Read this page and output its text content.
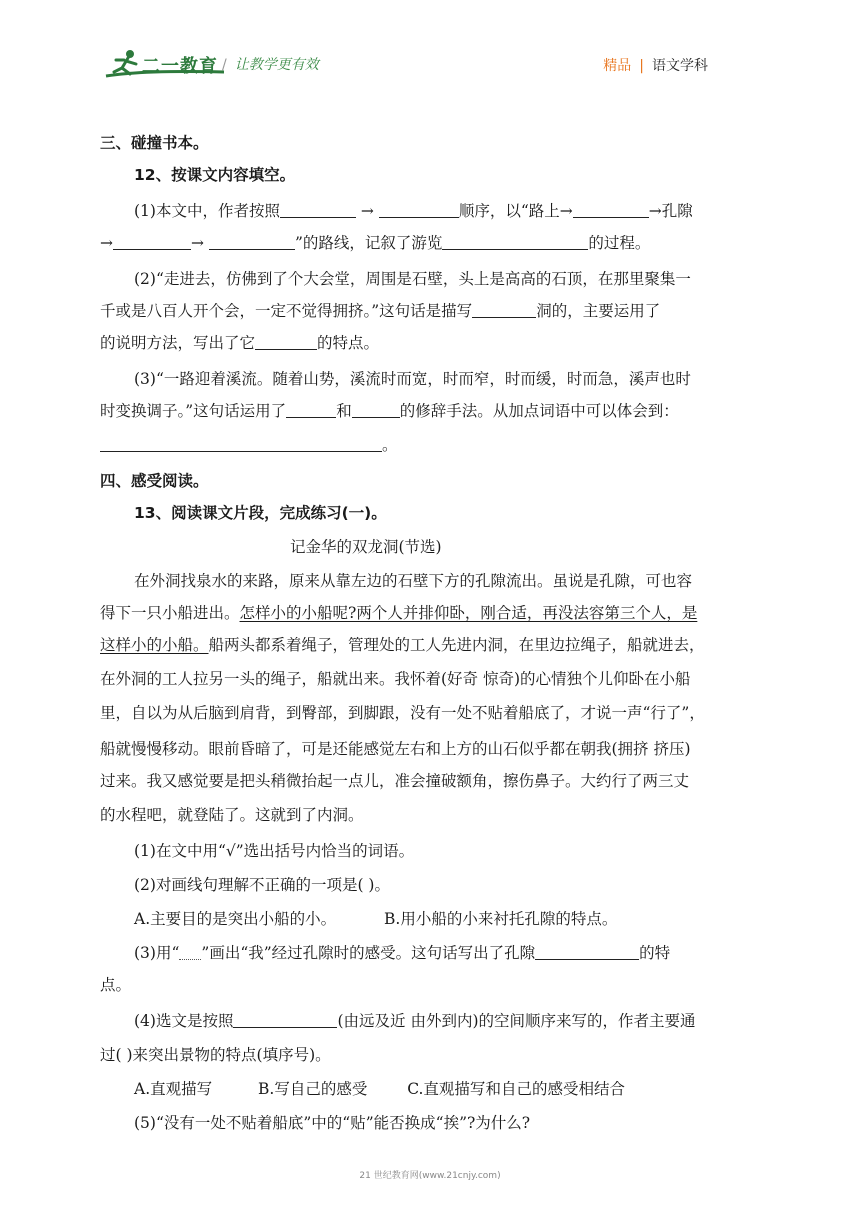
二一教育 / 让教学更有效	精品 | 语文学科
三、碰撞书本。
12、按课文内容填空。
(1)本文中，作者按照	→	顺序，以“路上→	→孔隙
→	→	”的路线，记叙了游览	的过程。
(2)“走进去，仿佛到了个大会堂，周围是石壁，头上是高高的石顶，在那里聚集一
千或是八百人开个会，一定不觉得拥挤。”这句话是描写	洞的，主要运用了
的说明方法，写出了它	的特点。
(3)“一路迎着溪流。随着山势，溪流时而宽，时而窄，时而缓，时而急，溪声也时
时变换调子。”这句话运用了	和	的修辞手法。从加点词语中可以体会到：
。
四、感受阅读。
13、阅读课文片段，完成练习(一)。
记金华的双龙洞(节选)
在外洞找泉水的来路，原来从靠左边的石壁下方的孔隙流出。虽说是孔隙，可也容
得下一只小船进出。怎样小的小船呢?两个人并排仰卧，刚合适，再没法容第三个人，是
这样小的小船。船两头都系着绳子，管理处的工人先进内洞，在里边拉绳子，船就进去，
在外洞的工人拉另一头的绳子，船就出来。我怀着(好奇 惊奇)的心情独个儿仰卧在小船
里，自以为从后脑到肩背，到臀部，到脚跟，没有一处不贴着船底了，才说一声“行了”，
船就慢慢移动。眼前昏暗了，可是还能感觉左右和上方的山石似乎都在朝我(拥挤 挤压)
过来。我又感觉要是把头稍微抬起一点儿，准会撞破额角，擦伤鼻子。大约行了两三丈
的水程吧，就登陆了。这就到了内洞。
(1)在文中用“√”选出括号内恰当的词语。
(2)对画线句理解不正确的一项是( )。
A.主要目的是突出小船的小。	B.用小船的小来衬托孔隙的特点。
(3)用“ ”画出“我”经过孔隙时的感受。这句话写出了孔隙	的特
点。
(4)选文是按照	(由远及近 由外到内)的空间顺序来写的，作者主要通
过( )来突出景物的特点(填序号)。
A.直观描写	B.写自己的感受	C.直观描写和自己的感受相结合
(5)“没有一处不贴着船底”中的“贴”能否换成“挨”?为什么?
21 世纪教育网(www.21cnjy.com)
